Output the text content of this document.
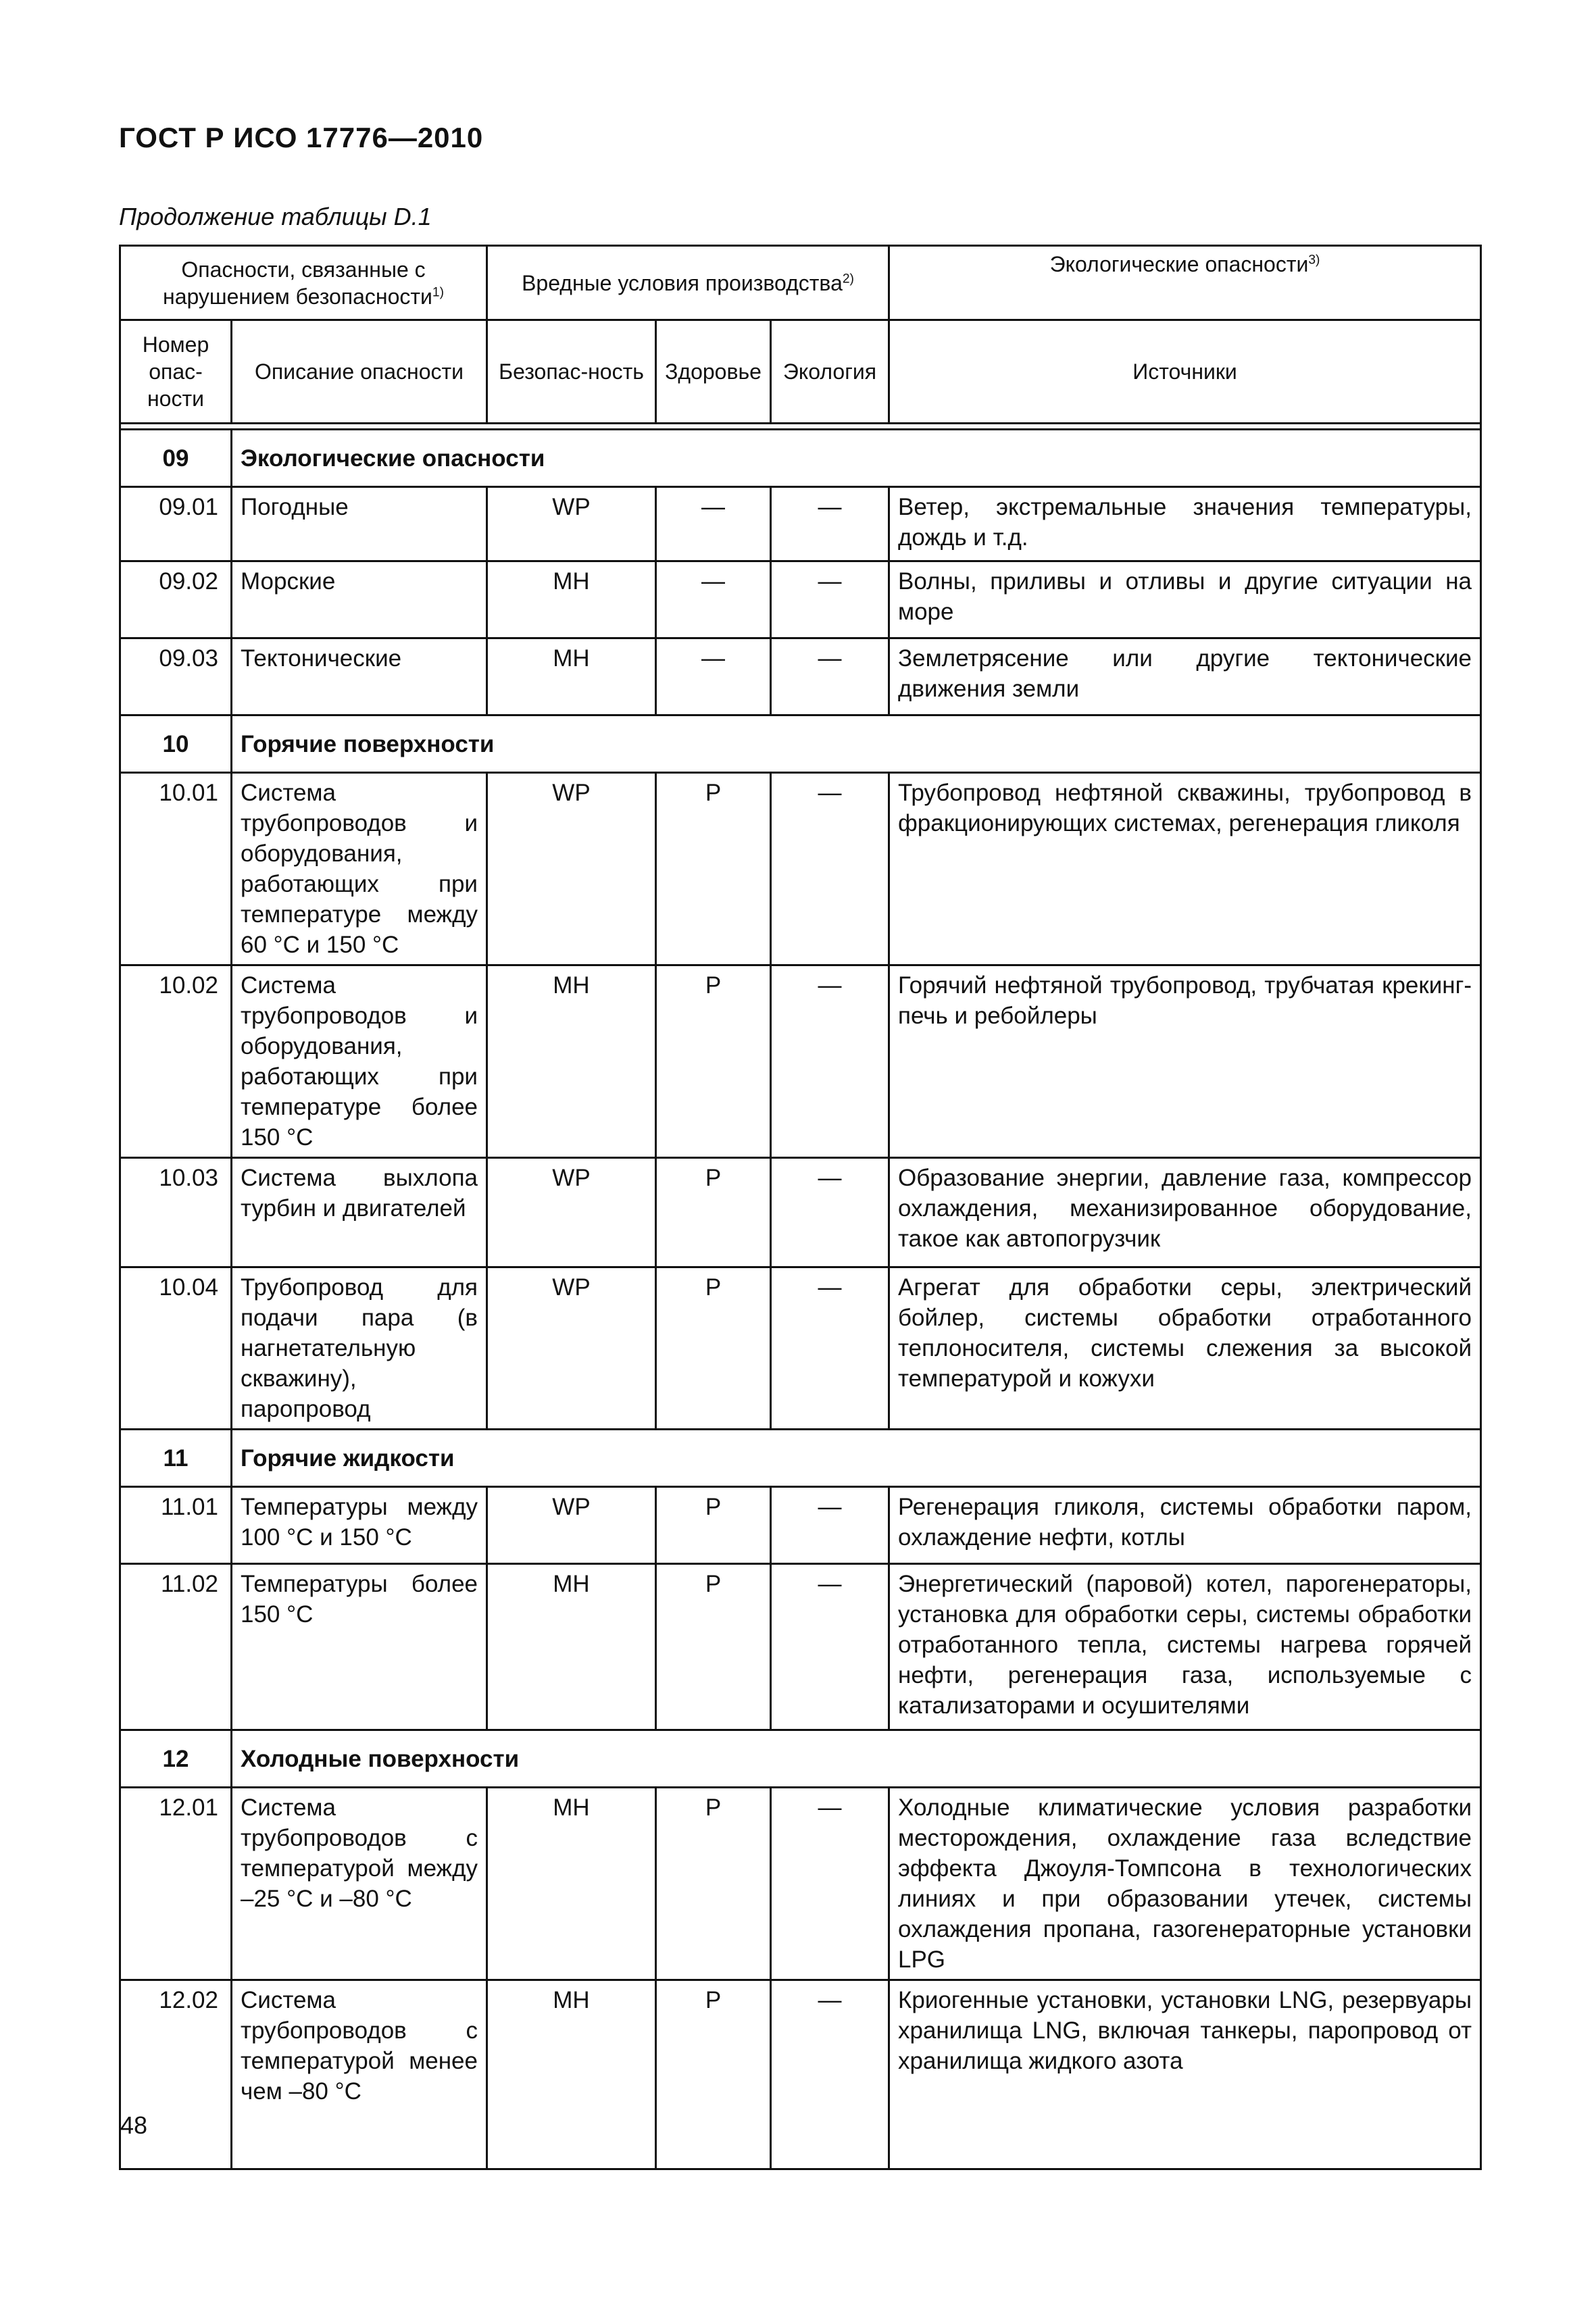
ГОСТ Р ИСО 17776—2010
Продолжение таблицы D.1
Опасности, связанные с нарушением безопасности$^{1)}$		Вредные условия производства$^{2)}$			Экологические опасности$^{3)}$
Номер опас-ности	Описание опасности	Безопас-ность	Здоровье	Экология	Источники

09	Экологические опасности				
09.01	Погодные	WP	—	—	Ветер, экстремальные значения температуры, дождь и т.д.
09.02	Морские	MH	—	—	Волны, приливы и отливы и другие ситуации на море
09.03	Тектонические	MH	—	—	Землетрясение или другие тектонические движения земли
10	Горячие поверхности				
10.01	Система трубопроводов и оборудования, работающих при температуре между 60 °С и 150 °С	WP	P	—	Трубопровод нефтяной скважины, трубопровод в фракционирующих системах, регенерация гликоля
10.02	Система трубопроводов и оборудования, работающих при температуре более 150 °С	MH	P	—	Горячий нефтяной трубопровод, трубчатая крекинг-печь и ребойлеры
10.03	Система выхлопа турбин и двигателей	WP	P	—	Образование энергии, давление газа, компрессор охлаждения, механизированное оборудование, такое как автопогрузчик
10.04	Трубопровод для подачи пара (в нагнетательную скважину), паропровод	WP	P	—	Агрегат для обработки серы, электрический бойлер, системы обработки отработанного теплоносителя, системы слежения за высокой температурой и кожухи
11	Горячие жидкости				
11.01	Температуры между 100 °С и 150 °С	WP	P	—	Регенерация гликоля, системы обработки паром, охлаждение нефти, котлы
11.02	Температуры более 150 °С	MH	P	—	Энергетический (паровой) котел, парогенераторы, установка для обработки серы, системы обработки отработанного тепла, системы нагрева горячей нефти, регенерация газа, используемые с катализаторами и осушителями
12	Холодные поверхности				
12.01	Система трубопроводов с температурой между –25 °С и –80 °С	MH	P	—	Холодные климатические условия разработки месторождения, охлаждение газа вследствие эффекта Джоуля-Томпсона в технологических линиях и при образовании утечек, системы охлаждения пропана, газогенераторные установки LPG
12.02	Система трубопроводов с температурой менее чем –80 °С	MH	P	—	Криогенные установки, установки LNG, резервуары хранилища LNG, включая танкеры, паропровод от хранилища жидкого азота
48
